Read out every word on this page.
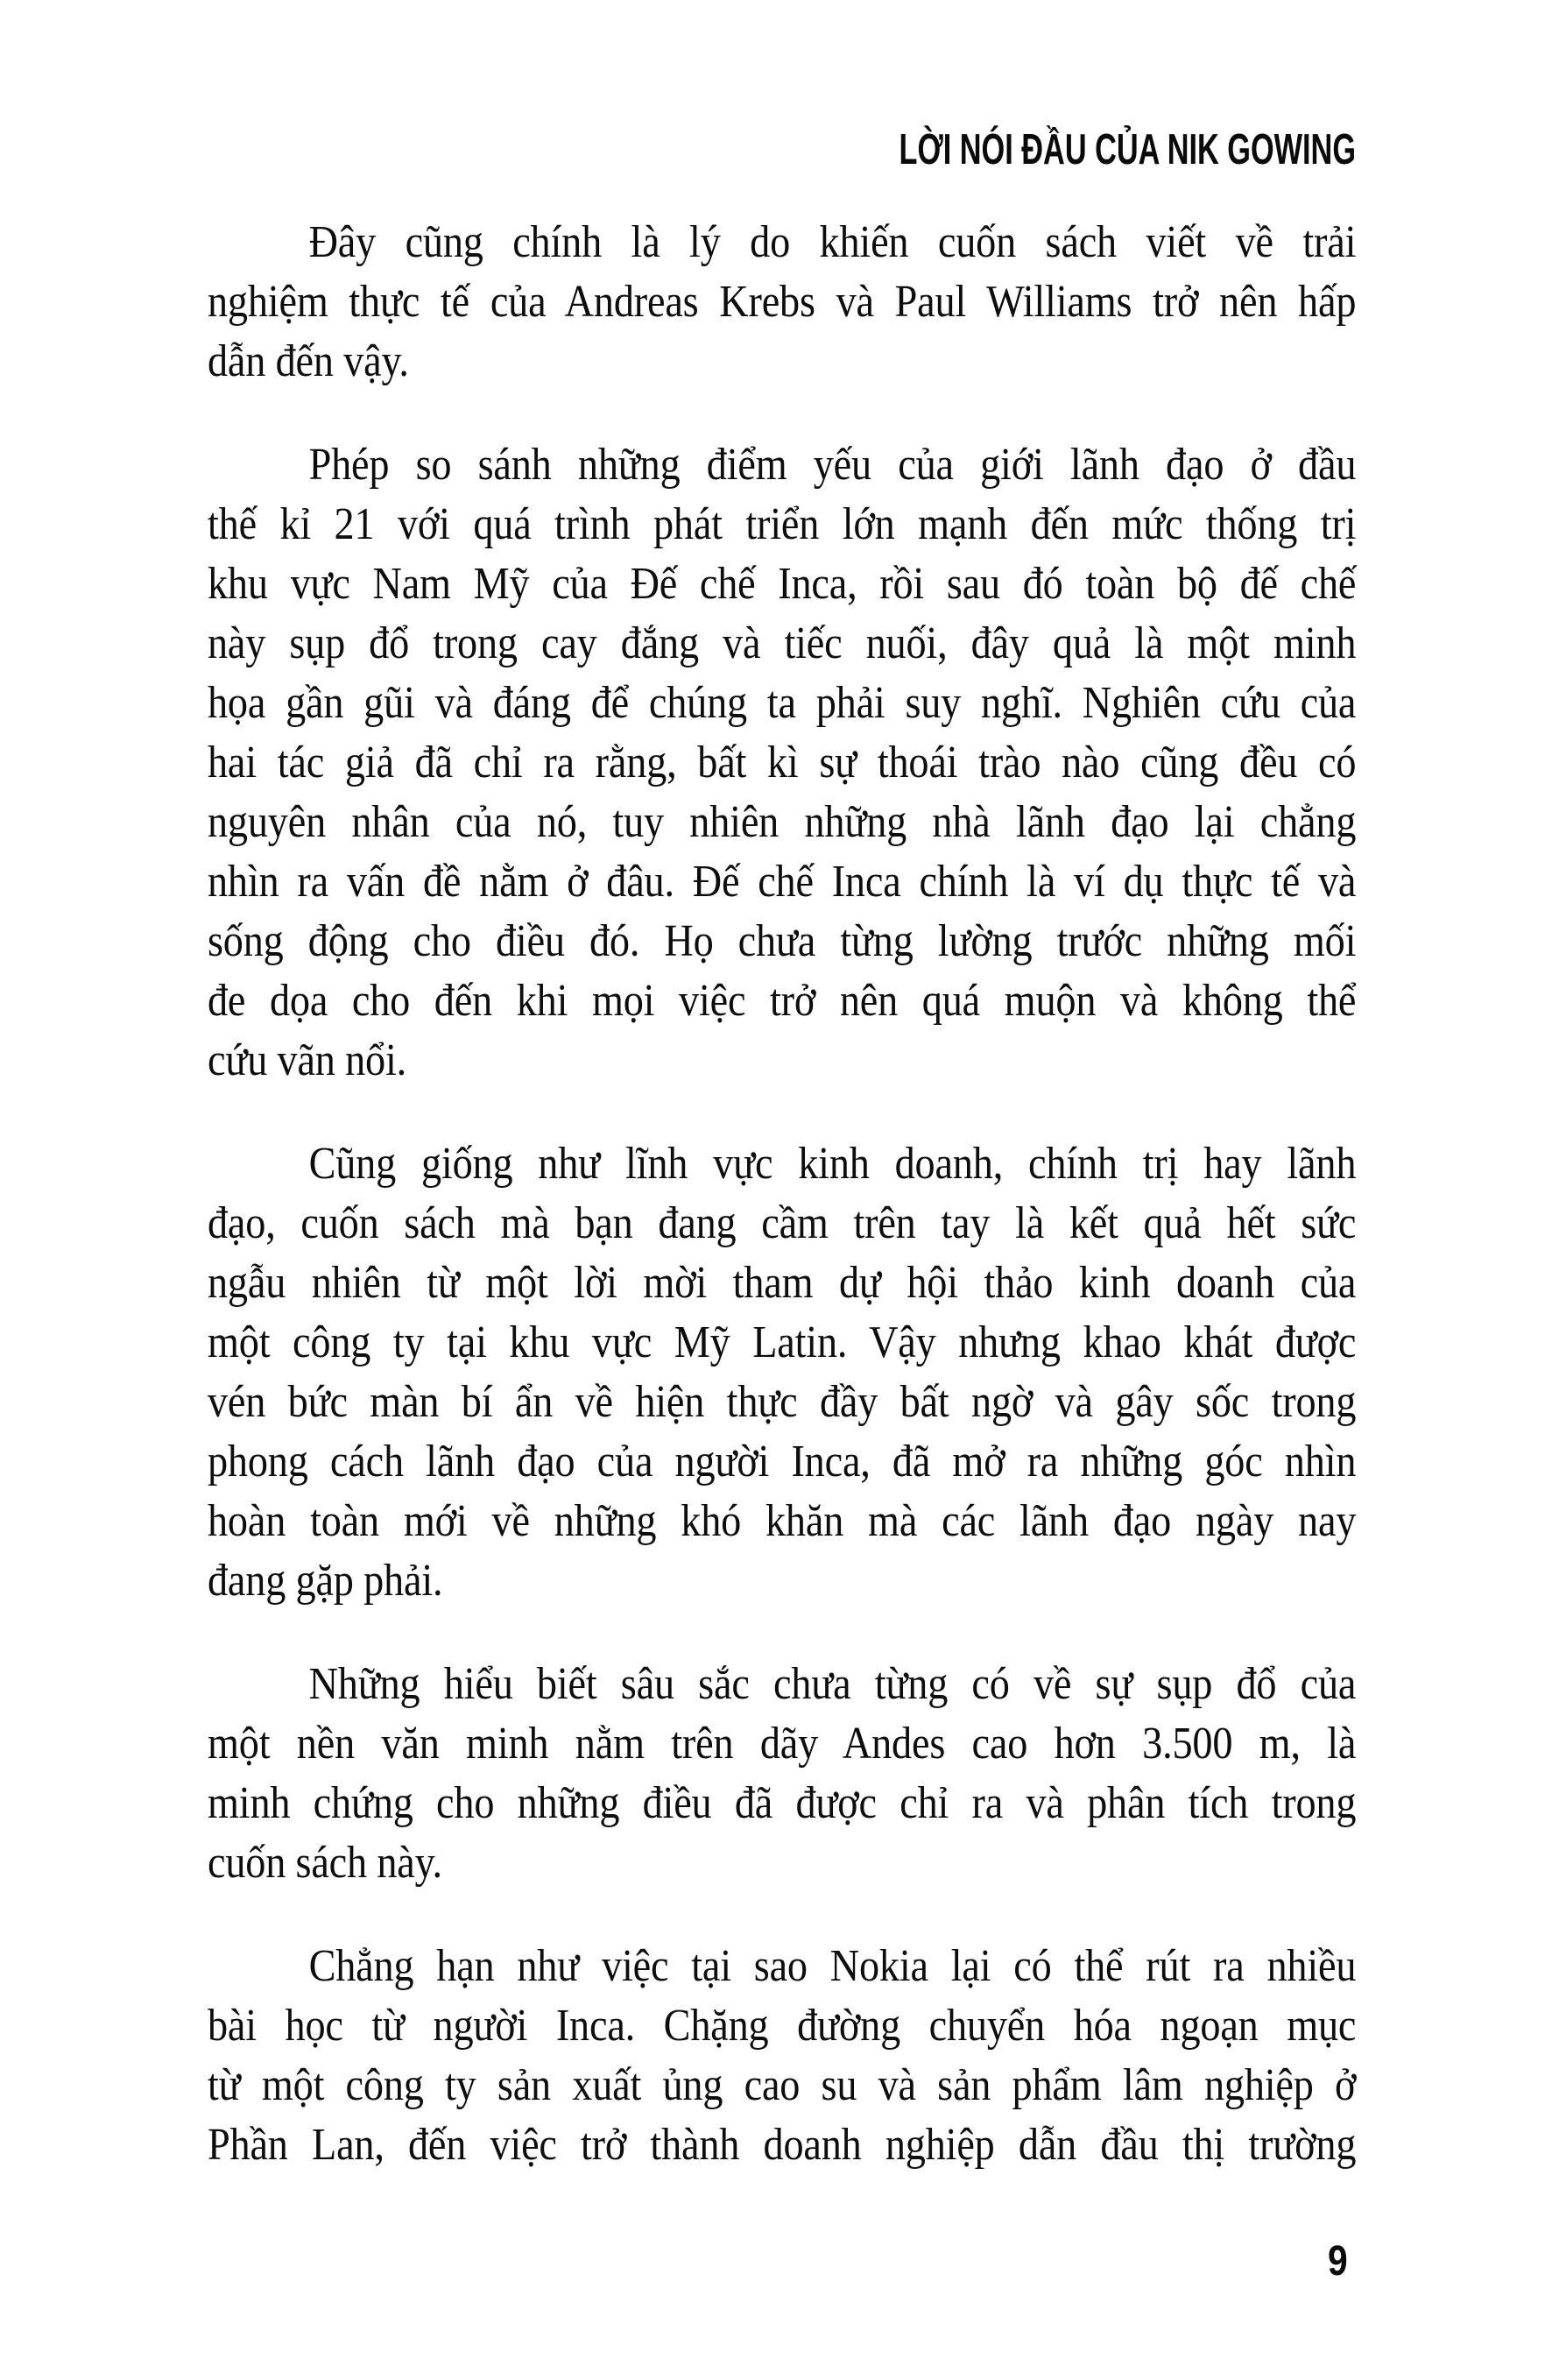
LỜI NÓI ĐẦU CỦA NIK GOWING
Đây cũng chính là lý do khiến cuốn sách viết về trải
nghiệm thực tế của Andreas Krebs và Paul Williams trở nên hấp
dẫn đến vậy.
Phép so sánh những điểm yếu của giới lãnh đạo ở đầu
thế kỉ 21 với quá trình phát triển lớn mạnh đến mức thống trị
khu vực Nam Mỹ của Đế chế Inca, rồi sau đó toàn bộ đế chế
này sụp đổ trong cay đắng và tiếc nuối, đây quả là một minh
họa gần gũi và đáng để chúng ta phải suy nghĩ. Nghiên cứu của
hai tác giả đã chỉ ra rằng, bất kì sự thoái trào nào cũng đều có
nguyên nhân của nó, tuy nhiên những nhà lãnh đạo lại chẳng
nhìn ra vấn đề nằm ở đâu. Đế chế Inca chính là ví dụ thực tế và
sống động cho điều đó. Họ chưa từng lường trước những mối
đe dọa cho đến khi mọi việc trở nên quá muộn và không thể
cứu vãn nổi.
Cũng giống như lĩnh vực kinh doanh, chính trị hay lãnh
đạo, cuốn sách mà bạn đang cầm trên tay là kết quả hết sức
ngẫu nhiên từ một lời mời tham dự hội thảo kinh doanh của
một công ty tại khu vực Mỹ Latin. Vậy nhưng khao khát được
vén bức màn bí ẩn về hiện thực đầy bất ngờ và gây sốc trong
phong cách lãnh đạo của người Inca, đã mở ra những góc nhìn
hoàn toàn mới về những khó khăn mà các lãnh đạo ngày nay
đang gặp phải.
Những hiểu biết sâu sắc chưa từng có về sự sụp đổ của
một nền văn minh nằm trên dãy Andes cao hơn 3.500 m, là
minh chứng cho những điều đã được chỉ ra và phân tích trong
cuốn sách này.
Chẳng hạn như việc tại sao Nokia lại có thể rút ra nhiều
bài học từ người Inca. Chặng đường chuyển hóa ngoạn mục
từ một công ty sản xuất ủng cao su và sản phẩm lâm nghiệp ở
Phần Lan, đến việc trở thành doanh nghiệp dẫn đầu thị trường
9
